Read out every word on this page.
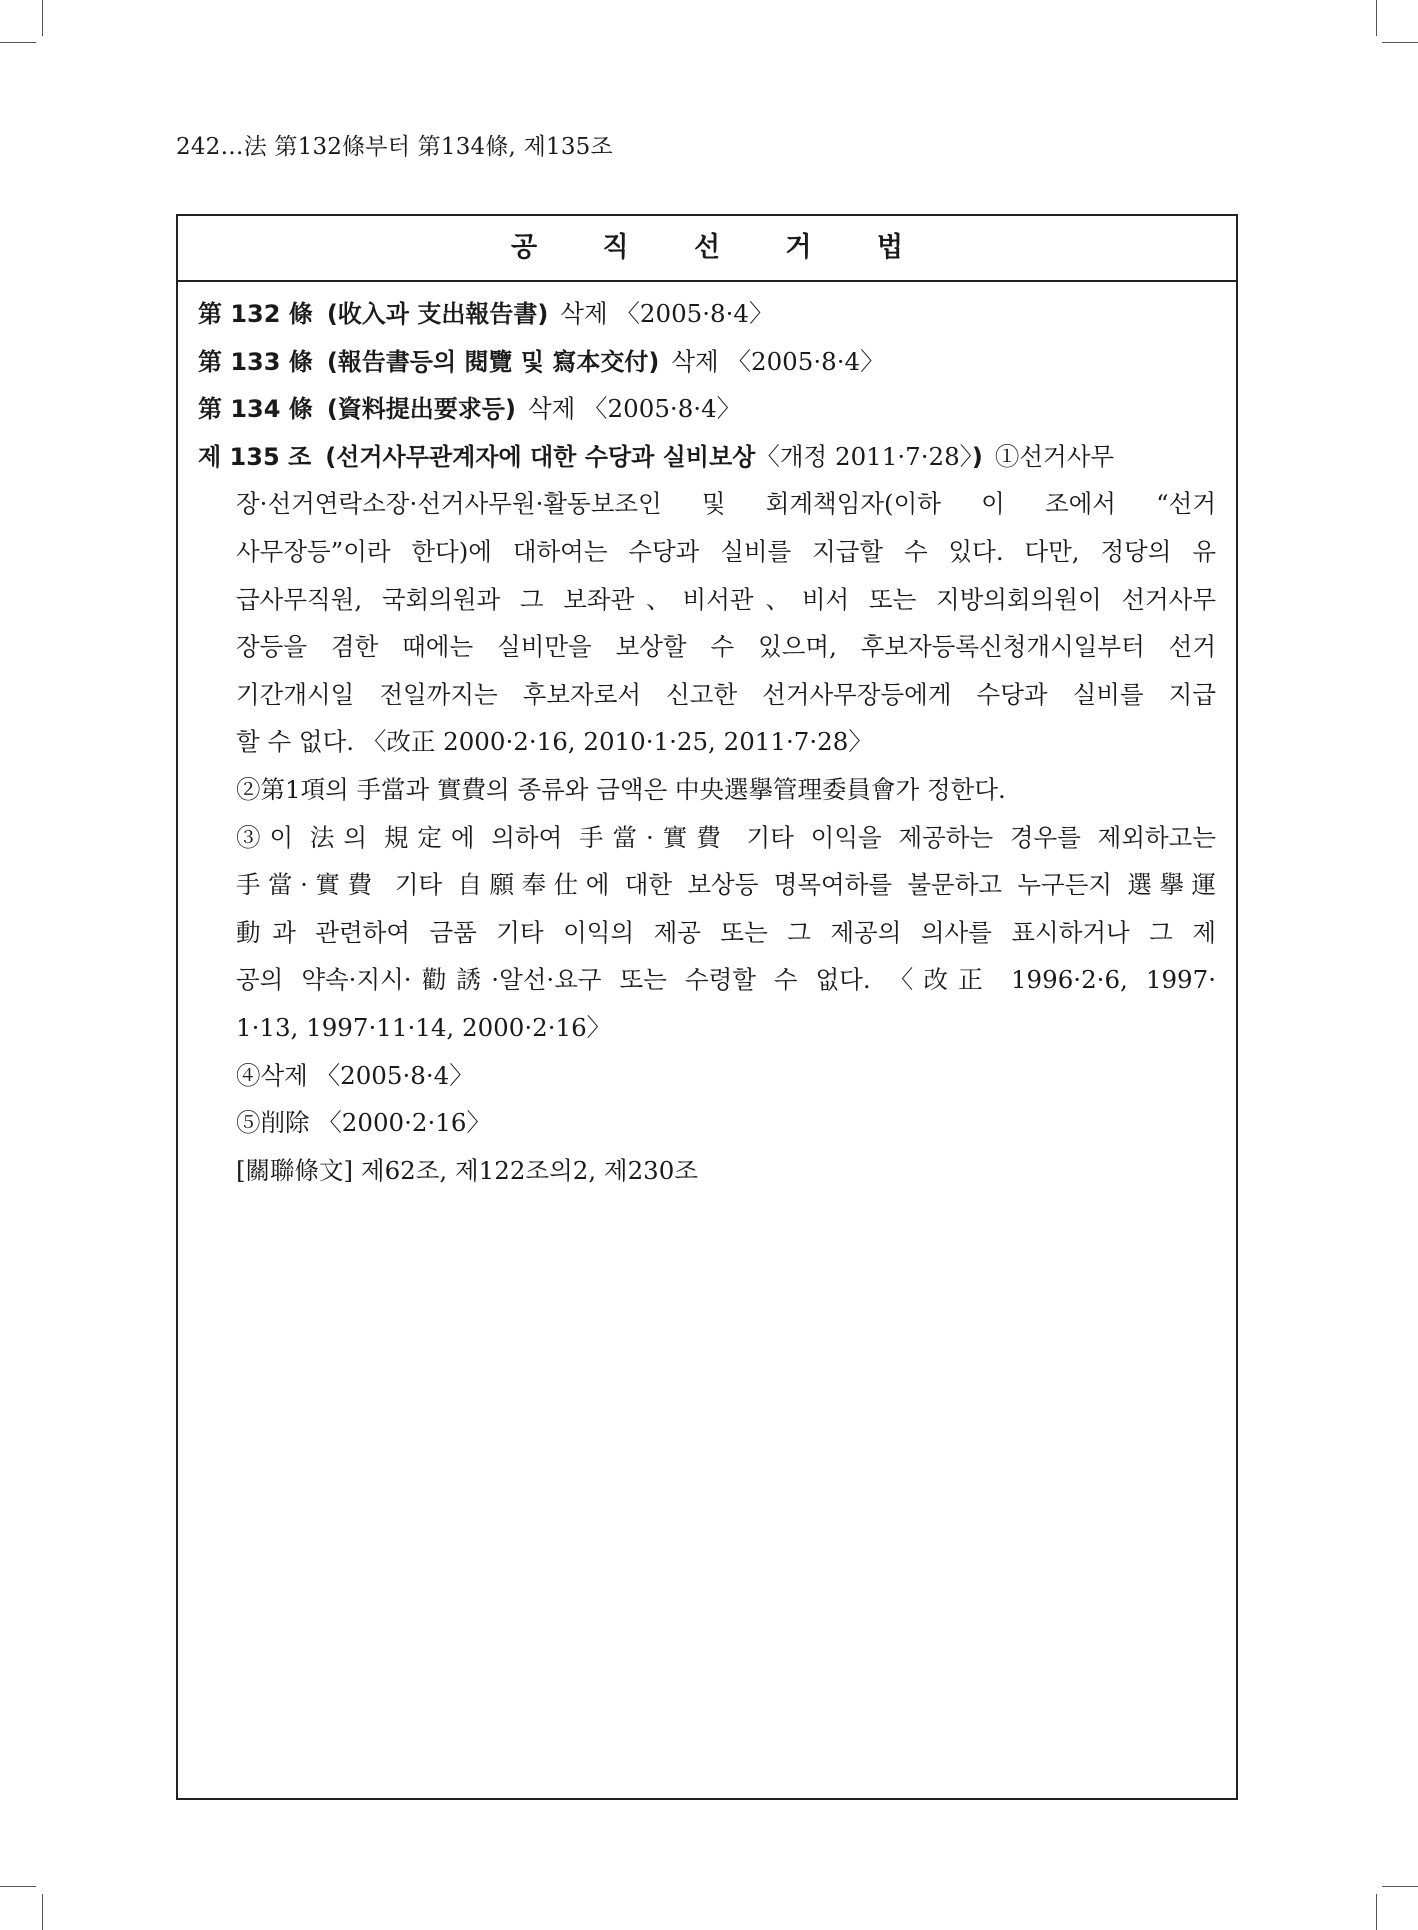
242…法 第132條부터 第134條, 제135조
공 직 선 거 법
第 132 條 (收入과 支出報告書) 삭제 〈2005·8·4〉
第 133 條 (報告書등의 閱覽 및 寫本交付) 삭제 〈2005·8·4〉
第 134 條 (資料提出要求등) 삭제 〈2005·8·4〉
제 135 조 (선거사무관계자에 대한 수당과 실비보상〈개정 2011·7·28〉) ①선거사무
장·선거연락소장·선거사무원·활동보조인 및 회계책임자(이하 이 조에서 “선거
사무장등”이라 한다)에 대하여는 수당과 실비를 지급할 수 있다. 다만, 정당의 유
급사무직원, 국회의원과 그 보좌관、비서관、비서 또는 지방의회의원이 선거사무
장등을 겸한 때에는 실비만을 보상할 수 있으며, 후보자등록신청개시일부터 선거
기간개시일 전일까지는 후보자로서 신고한 선거사무장등에게 수당과 실비를 지급
할 수 없다. 〈改正 2000·2·16, 2010·1·25, 2011·7·28〉
②第1項의 手當과 實費의 종류와 금액은 中央選擧管理委員會가 정한다.
③이 法의 規定에 의하여 手當·實費 기타 이익을 제공하는 경우를 제외하고는
手當·實費 기타 自願奉仕에 대한 보상등 명목여하를 불문하고 누구든지 選擧運
動과 관련하여 금품 기타 이익의 제공 또는 그 제공의 의사를 표시하거나 그 제
공의 약속·지시·勸誘·알선·요구 또는 수령할 수 없다. 〈改正 1996·2·6, 1997·
1·13, 1997·11·14, 2000·2·16〉
④삭제 〈2005·8·4〉
⑤削除 〈2000·2·16〉
[關聯條文] 제62조, 제122조의2, 제230조
